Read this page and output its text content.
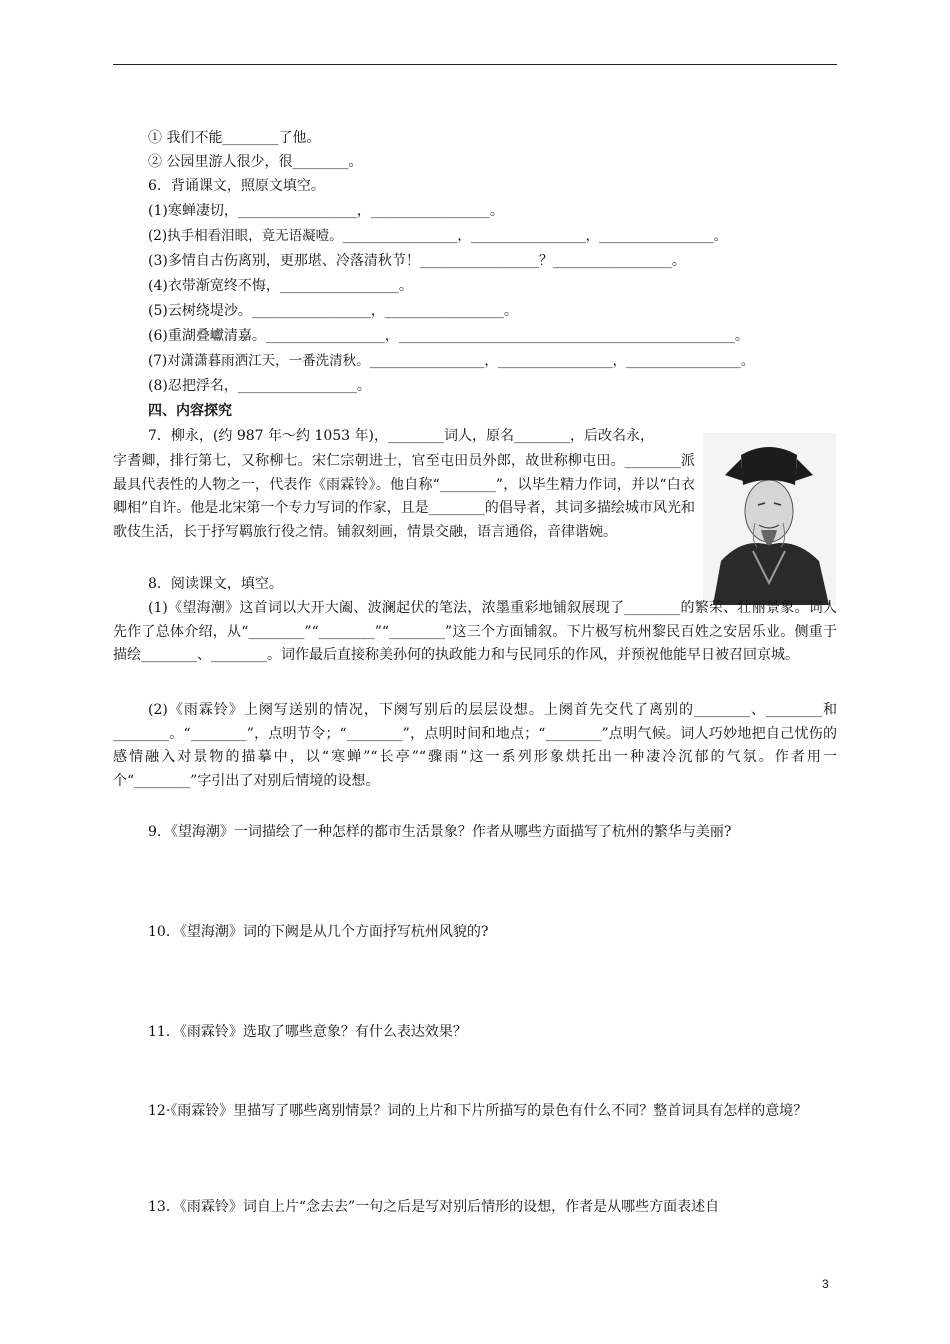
① 我们不能________了他。
② 公园里游人很少，很________。
6．背诵课文，照原文填空。
(1)寒蝉凄切，_________________，_________________。
(2)执手相看泪眼，竟无语凝噎。_________________，_________________，_________________。
(3)多情自古伤离别，更那堪、冷落清秋节！_________________？_________________。
(4)衣带渐宽终不悔，_________________。
(5)云树绕堤沙。_________________，_________________。
(6)重湖叠巘清嘉。_________________，________________________________________________。
(7)对潇潇暮雨洒江天，一番洗清秋。_________________，_________________，_________________。
(8)忍把浮名，_________________。
四、内容探究
7．柳永，(约 987 年～约 1053 年)，________词人，原名________，后改名永，
字耆卿，排行第七，又称柳七。宋仁宗朝进士，官至屯田员外郎，故世称柳屯田。________派最具代表性的人物之一，代表作《雨霖铃》。他自称“________”，以毕生精力作词，并以“白衣卿相”自许。他是北宋第一个专力写词的作家，且是________的倡导者，其词多描绘城市风光和歌伎生活，长于抒写羁旅行役之情。铺叙刻画，情景交融，语言通俗，音律谐婉。
8．阅读课文，填空。
(1)《望海潮》这首词以大开大阖、波澜起伏的笔法，浓墨重彩地铺叙展现了________的繁荣、壮丽景象。词人先作了总体介绍，从“________”“________”“________”这三个方面铺叙。下片极写杭州黎民百姓之安居乐业。侧重于描绘________、________。词作最后直接称美孙何的执政能力和与民同乐的作风，并预祝他能早日被召回京城。
(2)《雨霖铃》上阕写送别的情况，下阕写别后的层层设想。上阕首先交代了离别的________、________和________。“________”，点明节令；“________”，点明时间和地点；“________”点明气候。词人巧妙地把自己忧伤的感情融入对景物的描摹中，以“寒蝉”“长亭”“骤雨”这一系列形象烘托出一种凄冷沉郁的气氛。作者用一个“________”字引出了对别后情境的设想。
9．《望海潮》一词描绘了一种怎样的都市生活景象？作者从哪些方面描写了杭州的繁华与美丽?
10．《望海潮》词的下阙是从几个方面抒写杭州风貌的?
11．《雨霖铃》选取了哪些意象？有什么表达效果？
12·《雨霖铃》里描写了哪些离别情景？词的上片和下片所描写的景色有什么不同？整首词具有怎样的意境？
13．《雨霖铃》词自上片“念去去”一句之后是写对别后情形的设想，作者是从哪些方面表述自
3
